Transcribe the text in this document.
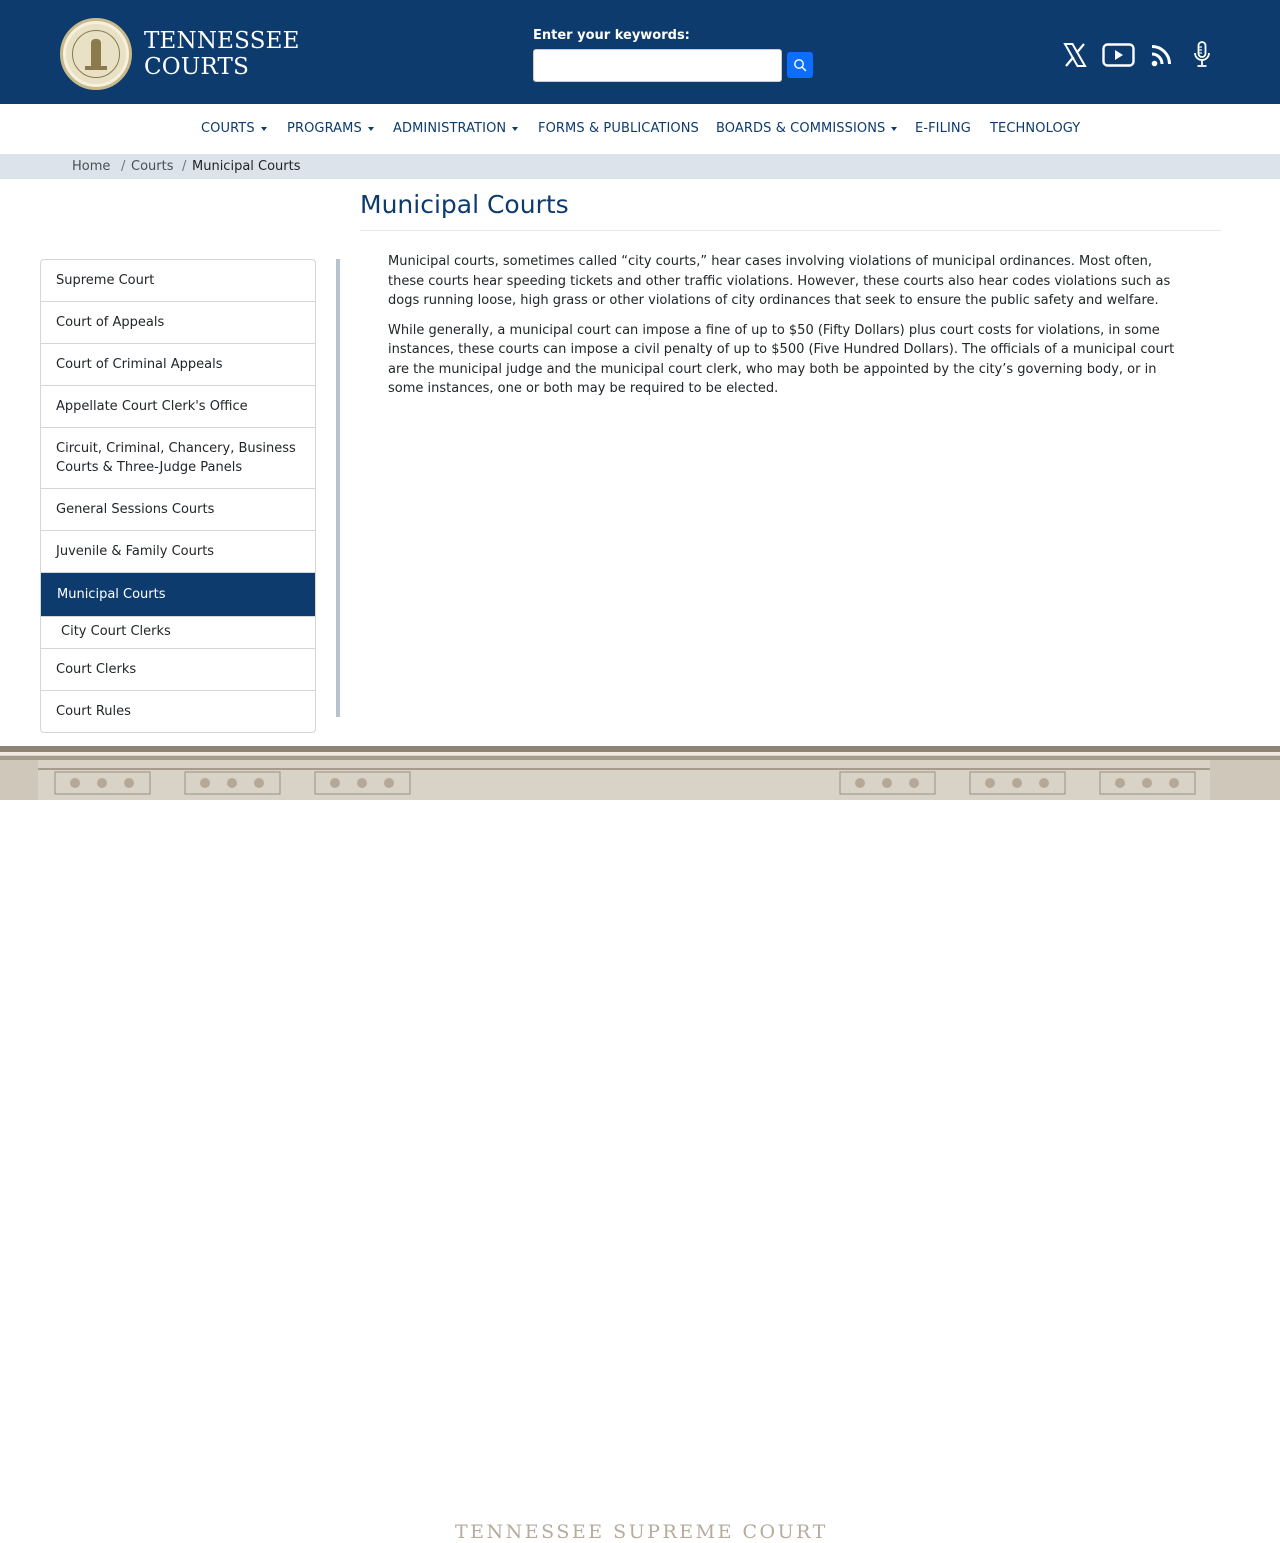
TENNESSEE
COURTS
Enter your keywords:
COURTS	PROGRAMS	ADMINISTRATION	FORMS & PUBLICATIONS BOARDS & COMMISSIONS	E-FILING TECHNOLOGY
Home / Courts / Municipal Courts
Municipal Courts
Supreme Court
Court of Appeals
Court of Criminal Appeals
Appellate Court Clerk's Office
Circuit, Criminal, Chancery, Business Courts & Three-Judge Panels
General Sessions Courts
Juvenile & Family Courts
Municipal Courts
City Court Clerks
Court Clerks
Court Rules

Municipal courts, sometimes called “city courts,” hear cases involving violations of municipal ordinances. Most often, these courts hear speeding tickets and other traffic violations. However, these courts also hear codes violations such as dogs running loose, high grass or other violations of city ordinances that seek to ensure the public safety and welfare.

While generally, a municipal court can impose a fine of up to $50 (Fifty Dollars) plus court costs for violations, in some instances, these courts can impose a civil penalty of up to $500 (Five Hundred Dollars). The officials of a municipal court are the municipal judge and the municipal court clerk, who may both be appointed by the city’s governing body, or in some instances, one or both may be required to be elected.

TENNESSEE SUPREME COURT
